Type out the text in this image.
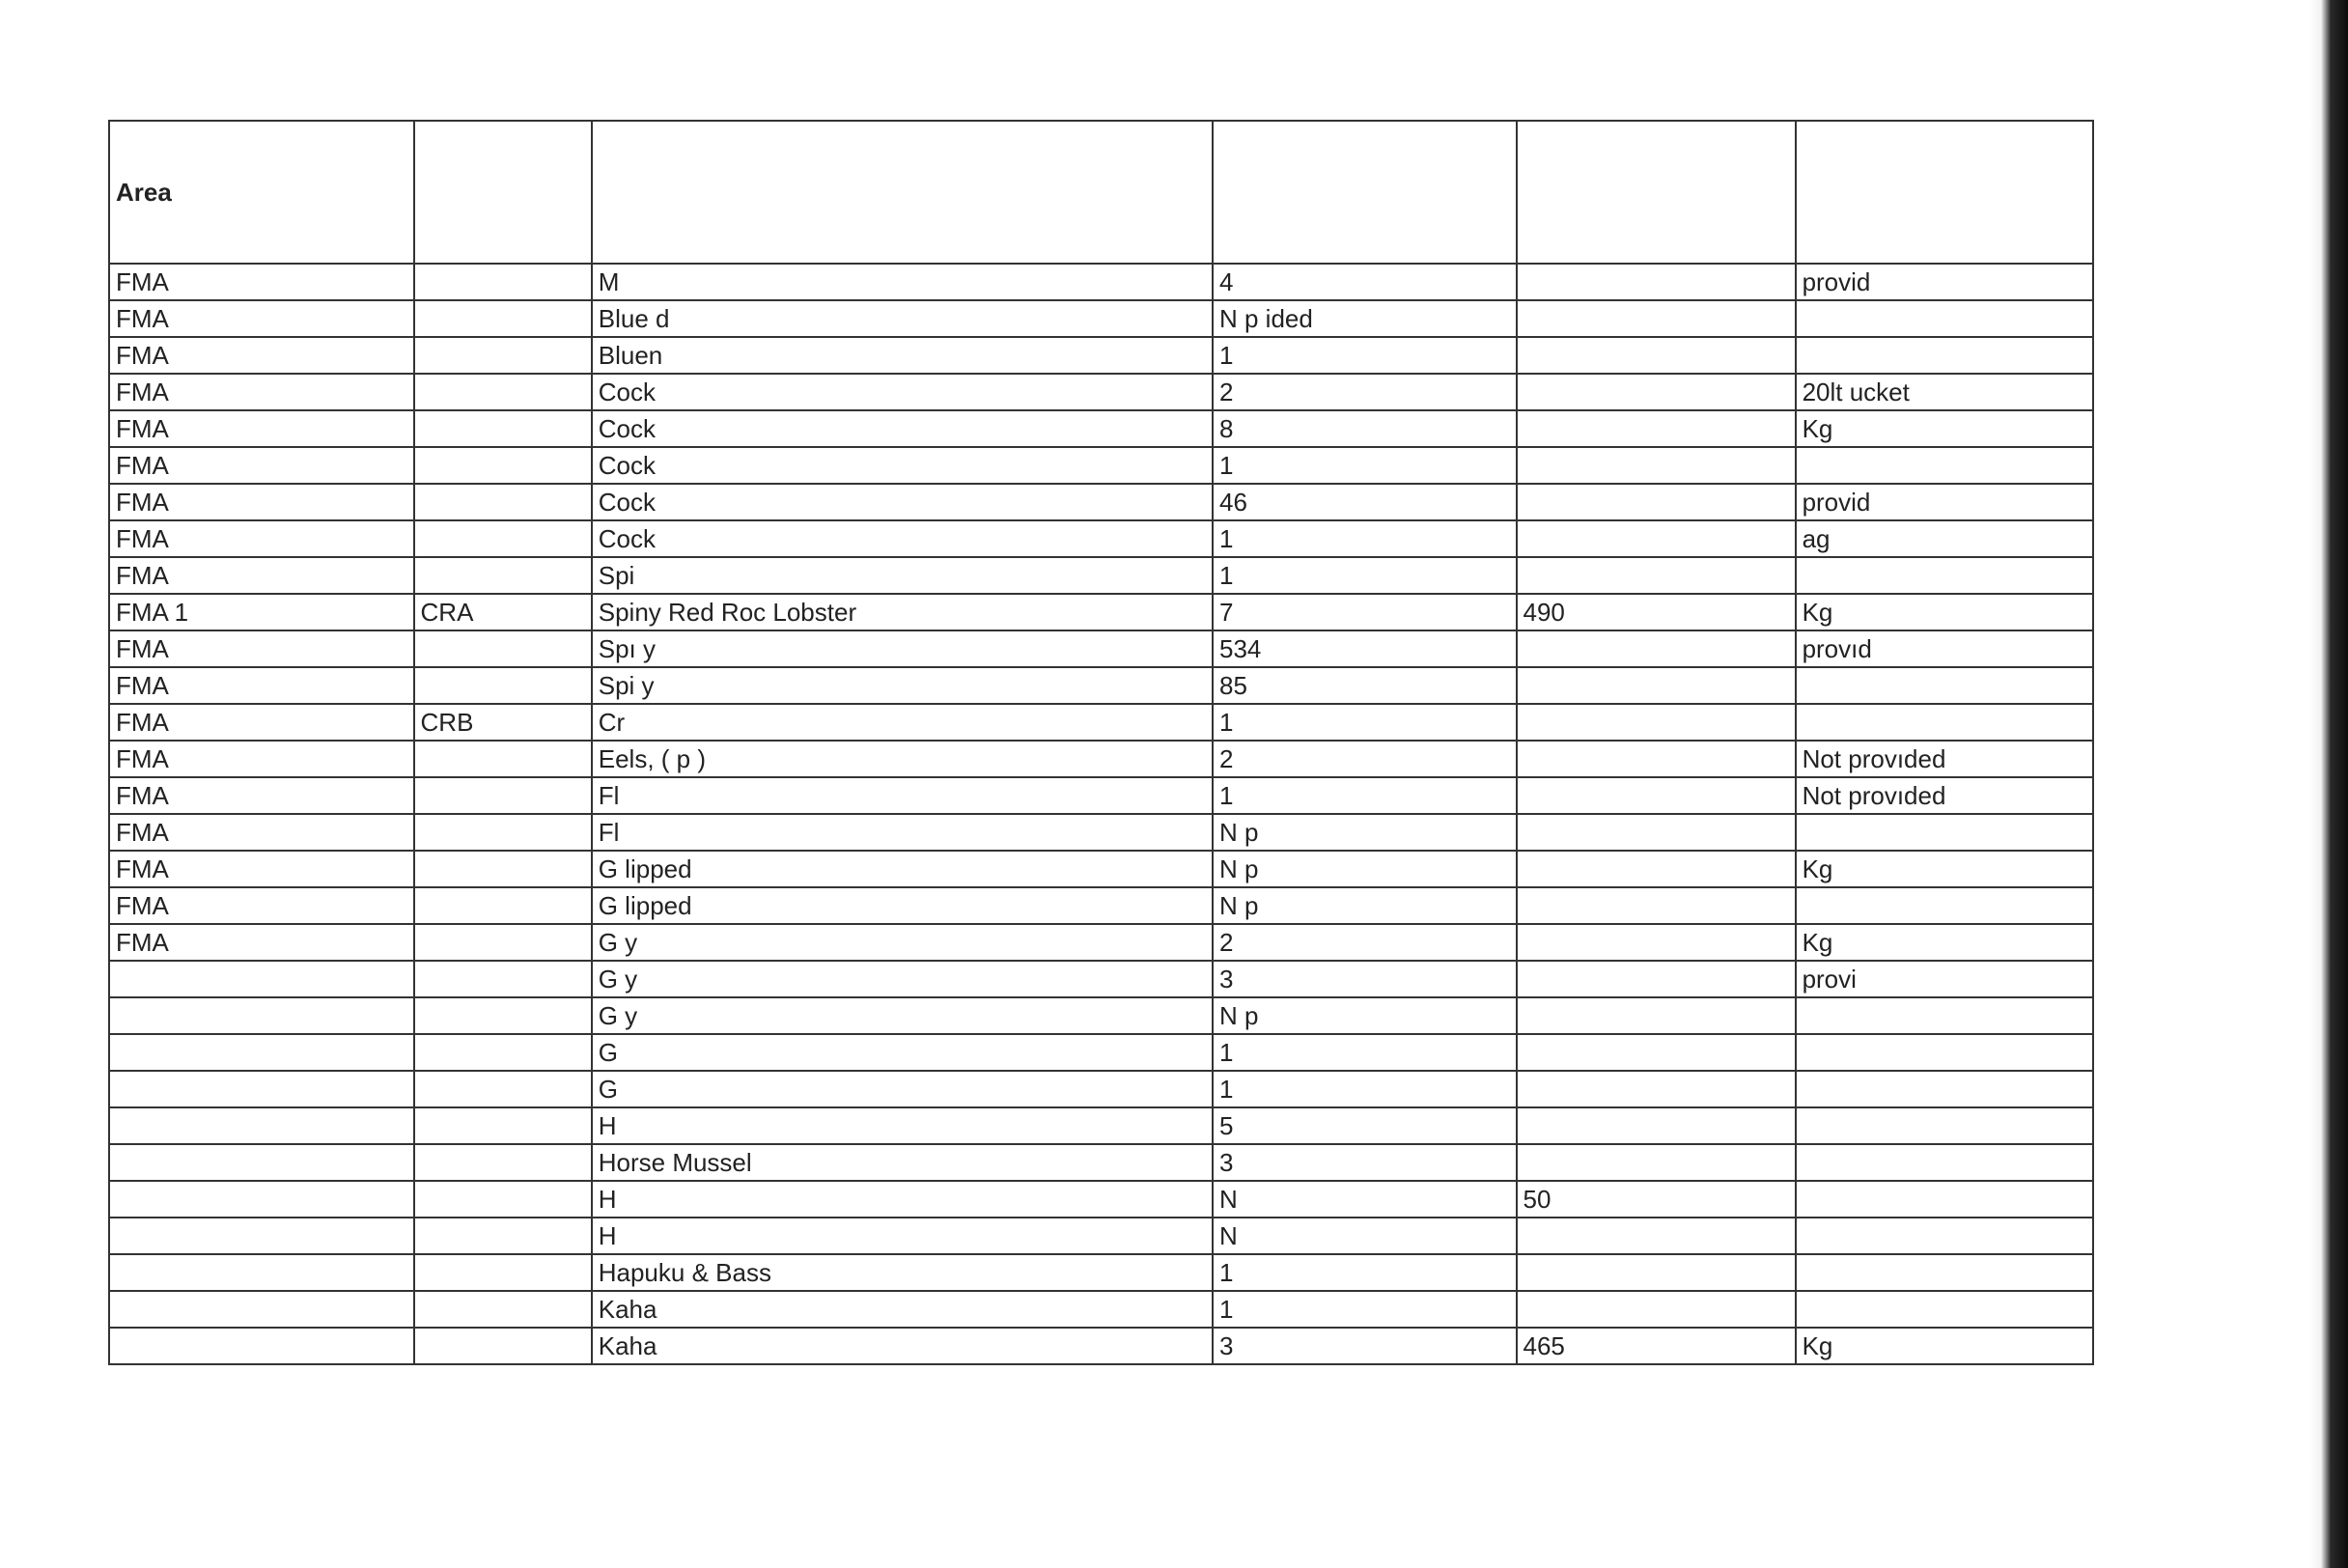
Area					
FMA		M	4		provid
FMA		Blue d	N p ided		
FMA		Bluen	1		
FMA		Cock	2		20lt ucket
FMA		Cock	8		Kg
FMA		Cock	1		
FMA		Cock	46		provid
FMA		Cock	1		ag
FMA		Spi	1		
FMA 1	CRA	Spiny Red Roc Lobster	7	490	Kg
FMA		Spı y	534		provıd
FMA		Spi y	85		
FMA	CRB	Cr	1		
FMA		Eels, ( p )	2		Not provıded
FMA		Fl	1		Not provıded
FMA		Fl	N p		
FMA		G lipped	N p		Kg
FMA		G lipped	N p		
FMA		G y	2		Kg
		G y	3		provi
		G y	N p		
		G	1		
		G	1		
		H	5		
		Horse Mussel	3		
		H	N	50	
		H	N		
		Hapuku & Bass	1		
		Kaha	1		
		Kaha	3	465	Kg
